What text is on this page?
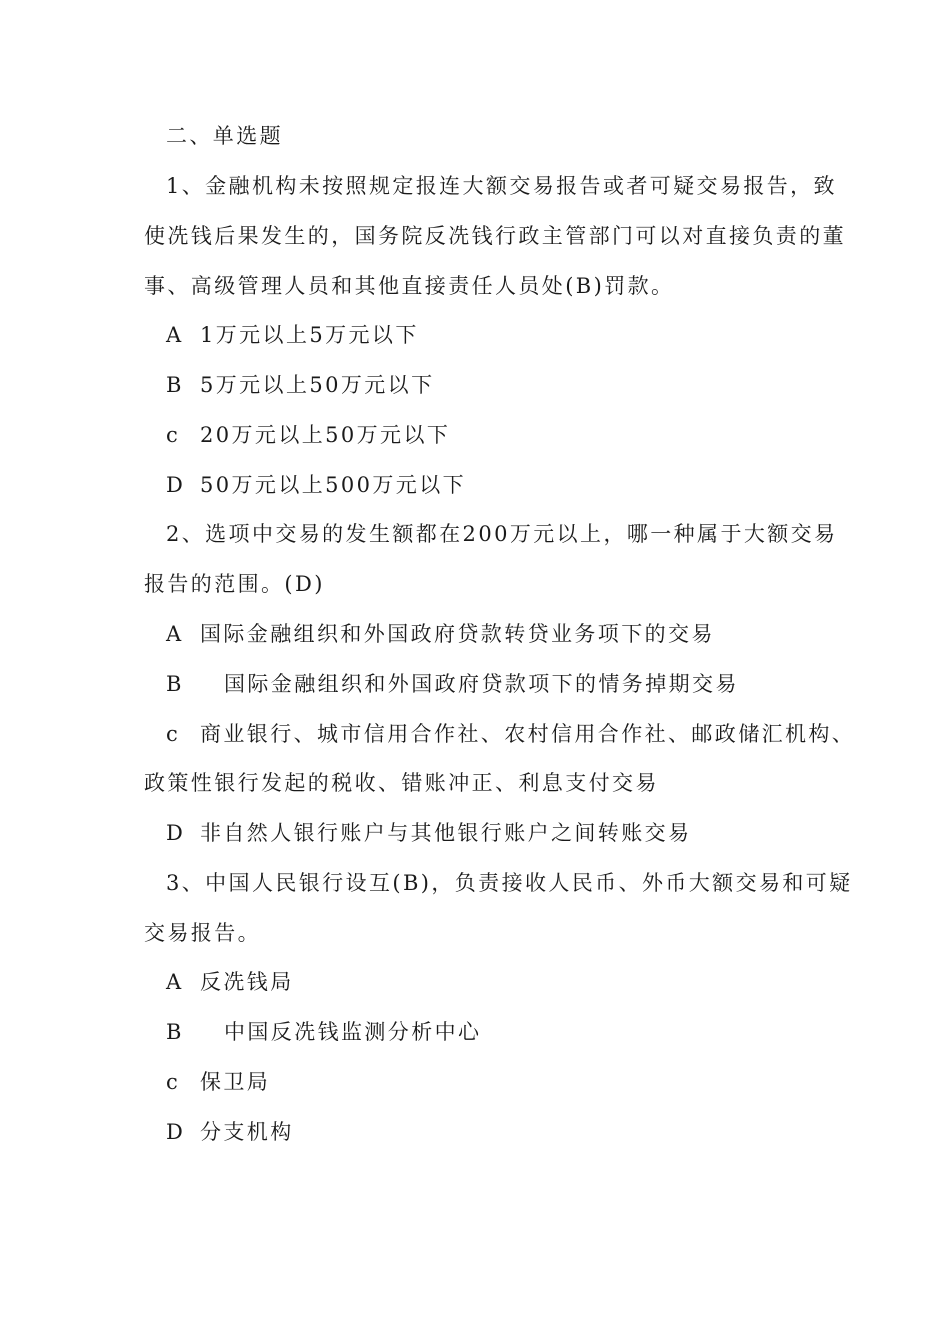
二、单选题
1、金融机构未按照规定报连大额交易报告或者可疑交易报告，致
使冼钱后果发生的，国务院反冼钱行政主管部门可以对直接负责的董
事、高级管理人员和其他直接责任人员处(B)罚款。
A 1万元以上5万元以下
B 5万元以上50万元以下
c 20万元以上50万元以下
D 50万元以上500万元以下
2、选项中交易的发生额都在200万元以上，哪一种属于大额交易
报告的范围。(D)
A 国际金融组织和外国政府贷款转贷业务项下的交易
B 国际金融组织和外国政府贷款项下的情务掉期交易
c 商业银行、城市信用合作社、农村信用合作社、邮政储汇机构、
政策性银行发起的税收、错账冲正、利息支付交易
D 非自然人银行账户与其他银行账户之间转账交易
3、中国人民银行设互(B)，负责接收人民币、外币大额交易和可疑
交易报告。
A 反冼钱局
B 中国反冼钱监测分析中心
c 保卫局
D 分支机构
